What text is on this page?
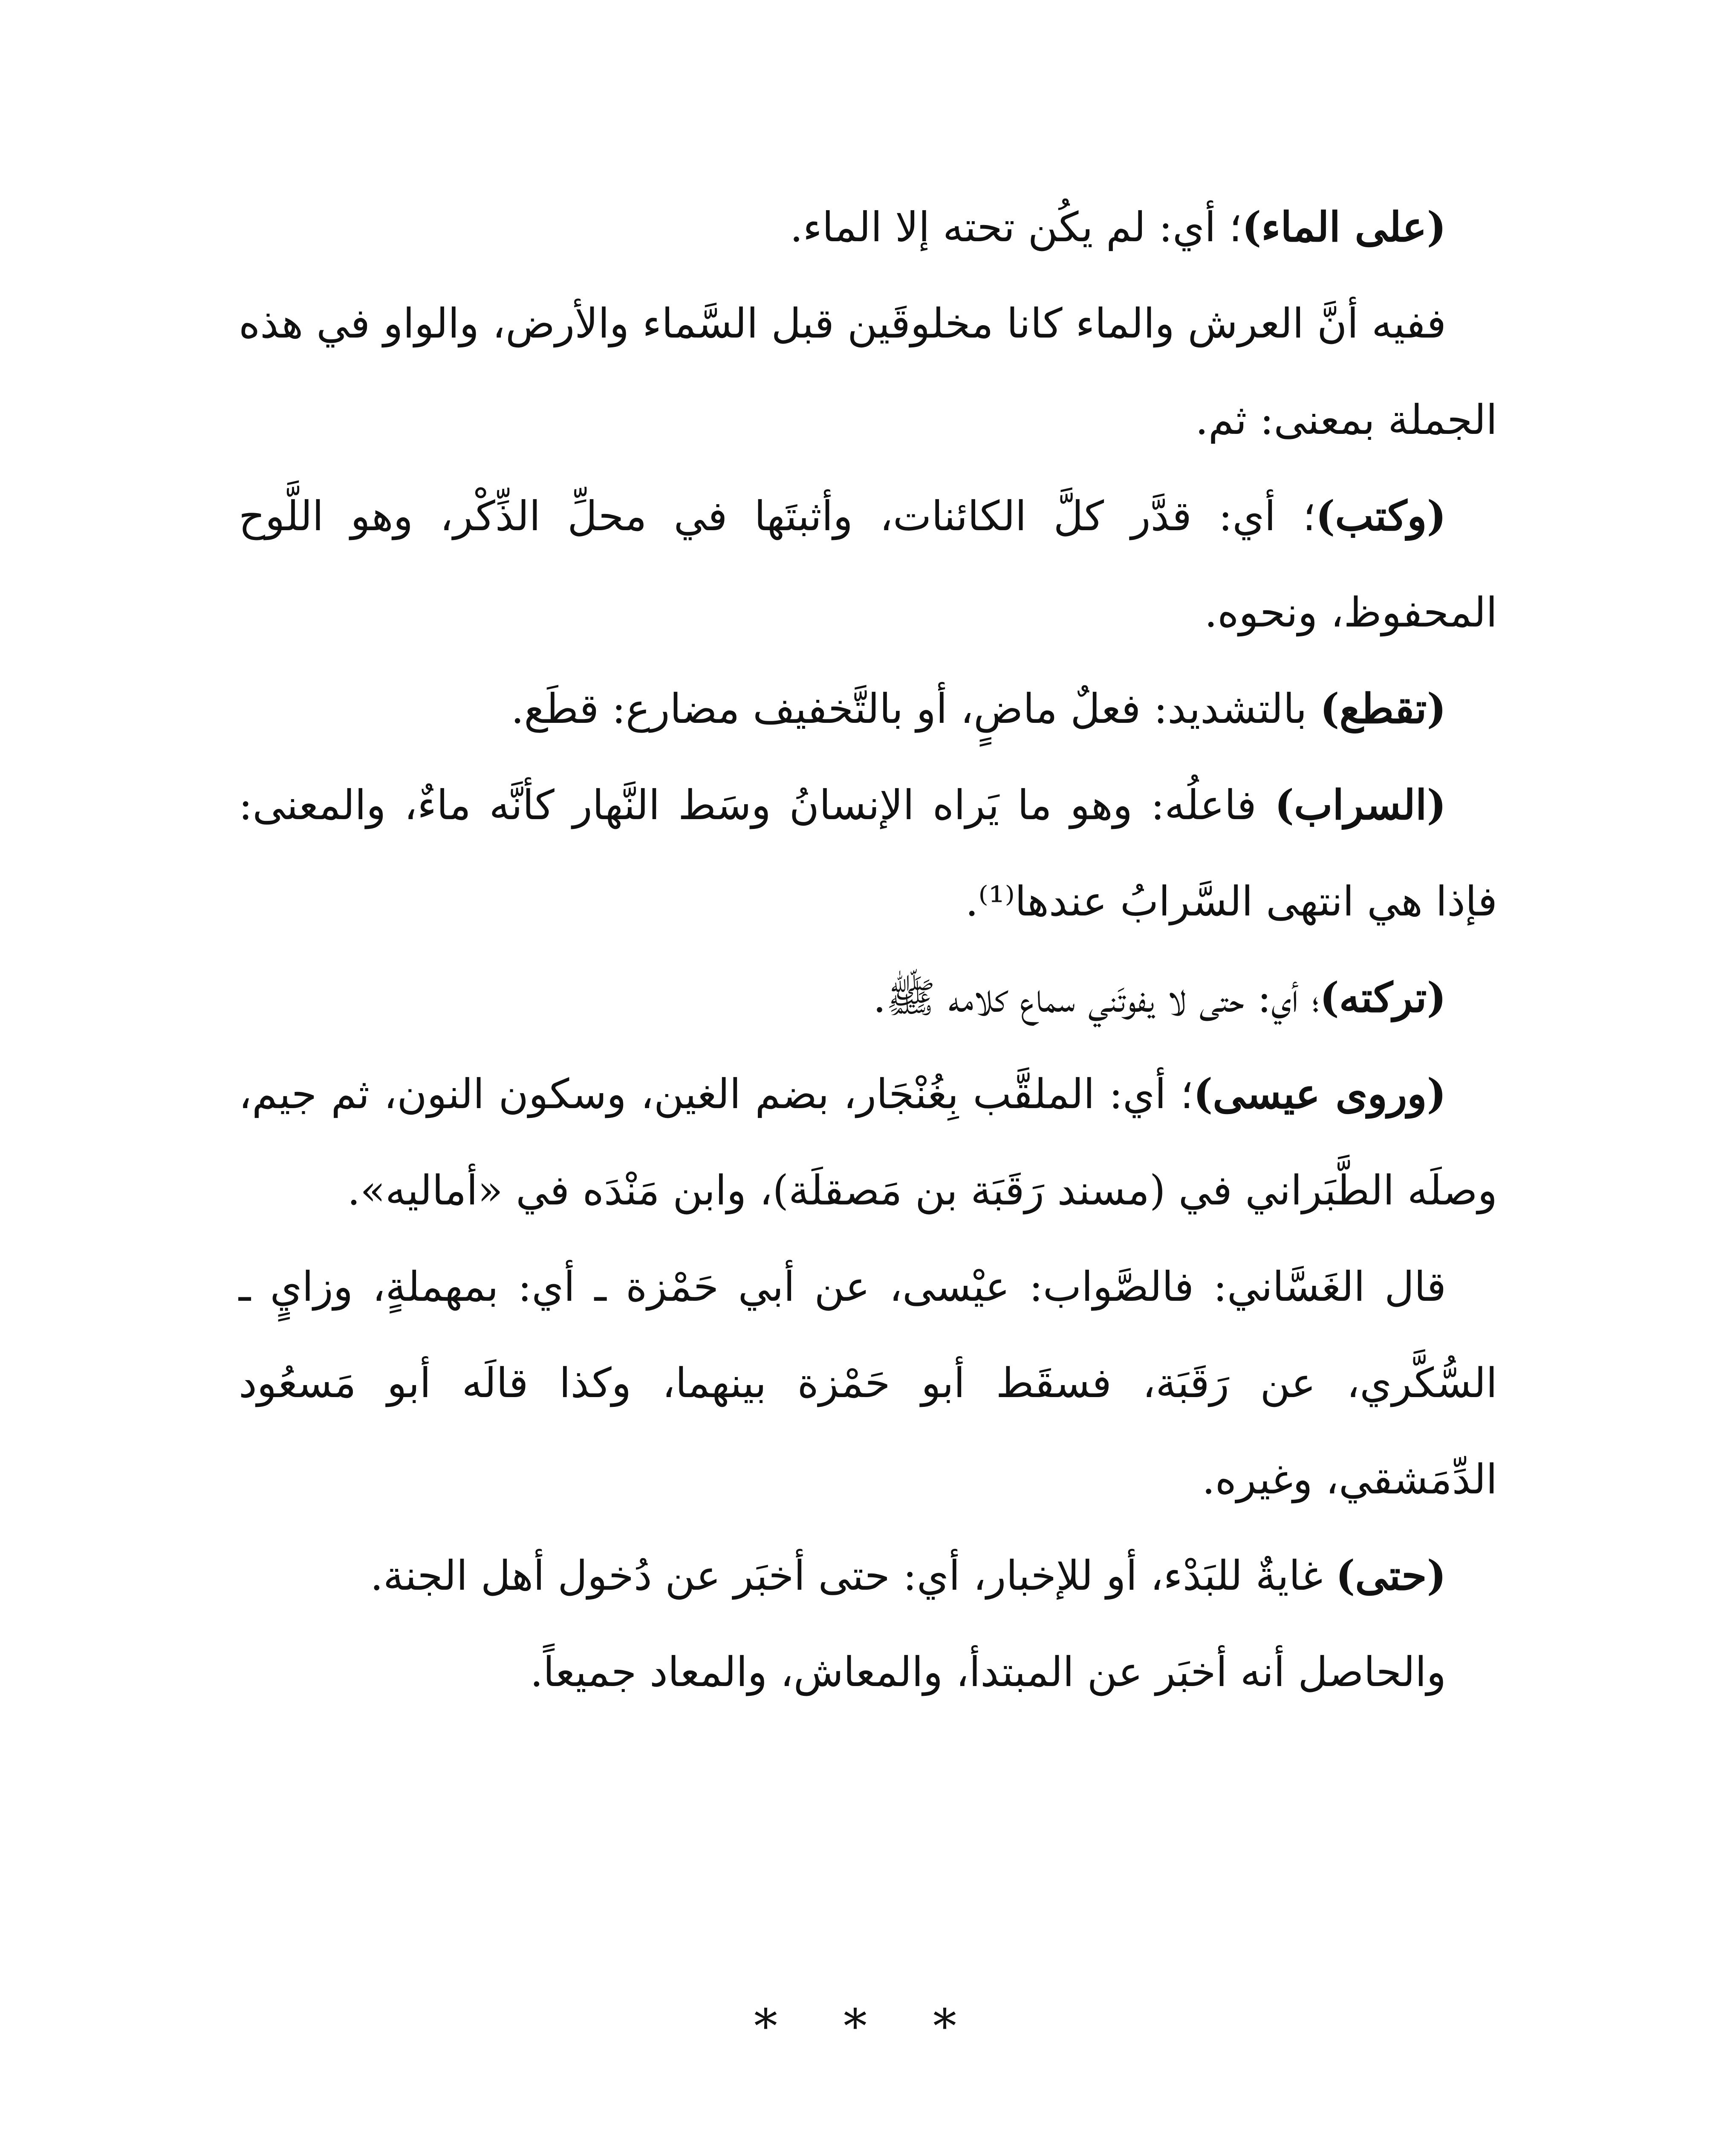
(على الماء)؛ أي: لم يكُن تحته إلا الماء.

ففيه أنَّ العرش والماء كانا مخلوقَين قبل السَّماء والأرض، والواو في هذه الجملة بمعنى: ثم.

(وكتب)؛ أي: قدَّر كلَّ الكائنات، وأثبتَها في محلِّ الذِّكْر، وهو اللَّوح المحفوظ، ونحوه.

(تقطع) بالتشديد: فعلٌ ماضٍ، أو بالتَّخفيف مضارع: قطَع.

(السراب) فاعلُه: وهو ما يَراه الإنسانُ وسَط النَّهار كأنَّه ماءٌ، والمعنى: فإذا هي انتهى السَّرابُ عندها⁽¹⁾.

(تركته)؛ أي: حتى لا يفوتَني سماع كلامه ﷺ.

(وروى عيسى)؛ أي: الملقَّب بِغُنْجَار، بضم الغين، وسكون النون، ثم جيم، وصلَه الطَّبَراني في (مسند رَقَبَة بن مَصقلَة)، وابن مَنْدَه في «أماليه».

قال الغَسَّاني: فالصَّواب: عيْسى، عن أبي حَمْزة ـ أي: بمهملةٍ، وزايٍ ـ السُّكَّري، عن رَقَبَة، فسقَط أبو حَمْزة بينهما، وكذا قالَه أبو مَسعُود الدِّمَشقي، وغيره.

(حتى) غايةٌ للبَدْء، أو للإخبار، أي: حتى أخبَر عن دُخول أهل الجنة.

والحاصل أنه أخبَر عن المبتدأ، والمعاش، والمعاد جميعاً.

* * *
